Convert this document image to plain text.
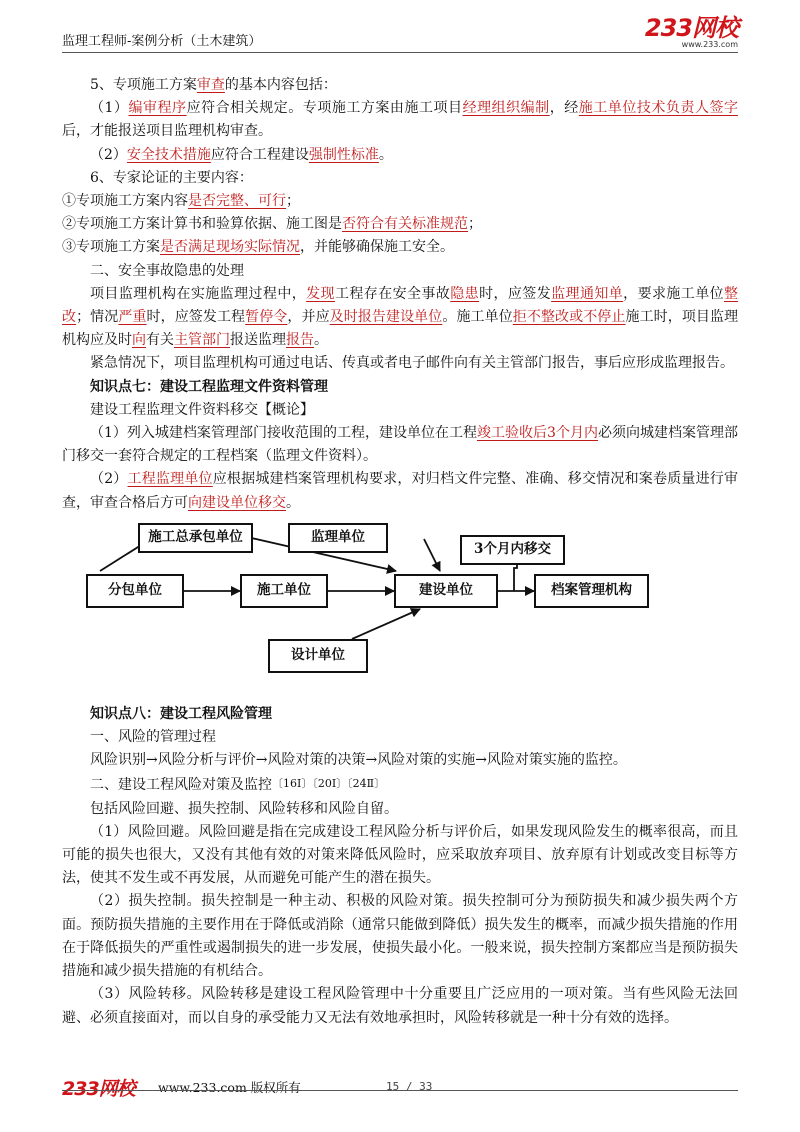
监理工程师-案例分析（土木建筑）	233网校
www.233.com

5、专项施工方案审查的基本内容包括：

（1）编审程序应符合相关规定。专项施工方案由施工项目经理组织编制，经施工单位技术负责人签字后，才能报送项目监理机构审查。

（2）安全技术措施应符合工程建设强制性标准。

6、专家论证的主要内容：

①专项施工方案内容是否完整、可行；

②专项施工方案计算书和验算依据、施工图是否符合有关标准规范；

③专项施工方案是否满足现场实际情况，并能够确保施工安全。

二、安全事故隐患的处理

项目监理机构在实施监理过程中，发现工程存在安全事故隐患时，应签发监理通知单，要求施工单位整改；情况严重时，应签发工程暂停令，并应及时报告建设单位。施工单位拒不整改或不停止施工时，项目监理机构应及时向有关主管部门报送监理报告。

紧急情况下，项目监理机构可通过电话、传真或者电子邮件向有关主管部门报告，事后应形成监理报告。

知识点七：建设工程监理文件资料管理

建设工程监理文件资料移交【概论】

（1）列入城建档案管理部门接收范围的工程，建设单位在工程竣工验收后3个月内必须向城建档案管理部门移交一套符合规定的工程档案（监理文件资料）。

（2）工程监理单位应根据城建档案管理机构要求，对归档文件完整、准确、移交情况和案卷质量进行审查，审查合格后方可向建设单位移交。

施工总承包单位	监理单位
3个月内移交
分包单位	施工单位	建设单位	档案管理机构
设计单位

知识点八：建设工程风险管理

一、风险的管理过程

风险识别→风险分析与评价→风险对策的决策→风险对策的实施→风险对策实施的监控。

二、建设工程风险对策及监控〔16Ⅰ〕〔20Ⅰ〕〔24Ⅱ〕

包括风险回避、损失控制、风险转移和风险自留。

（1）风险回避。风险回避是指在完成建设工程风险分析与评价后，如果发现风险发生的概率很高，而且可能的损失也很大，又没有其他有效的对策来降低风险时，应采取放弃项目、放弃原有计划或改变目标等方法，使其不发生或不再发展，从而避免可能产生的潜在损失。

（2）损失控制。损失控制是一种主动、积极的风险对策。损失控制可分为预防损失和减少损失两个方面。预防损失措施的主要作用在于降低或消除（通常只能做到降低）损失发生的概率，而减少损失措施的作用在于降低损失的严重性或遏制损失的进一步发展，使损失最小化。一般来说，损失控制方案都应当是预防损失措施和减少损失措施的有机结合。

（3）风险转移。风险转移是建设工程风险管理中十分重要且广泛应用的一项对策。当有些风险无法回避、必须直接面对，而以自身的承受能力又无法有效地承担时，风险转移就是一种十分有效的选择。

233网校 www.233.com 版权所有	15 / 33
